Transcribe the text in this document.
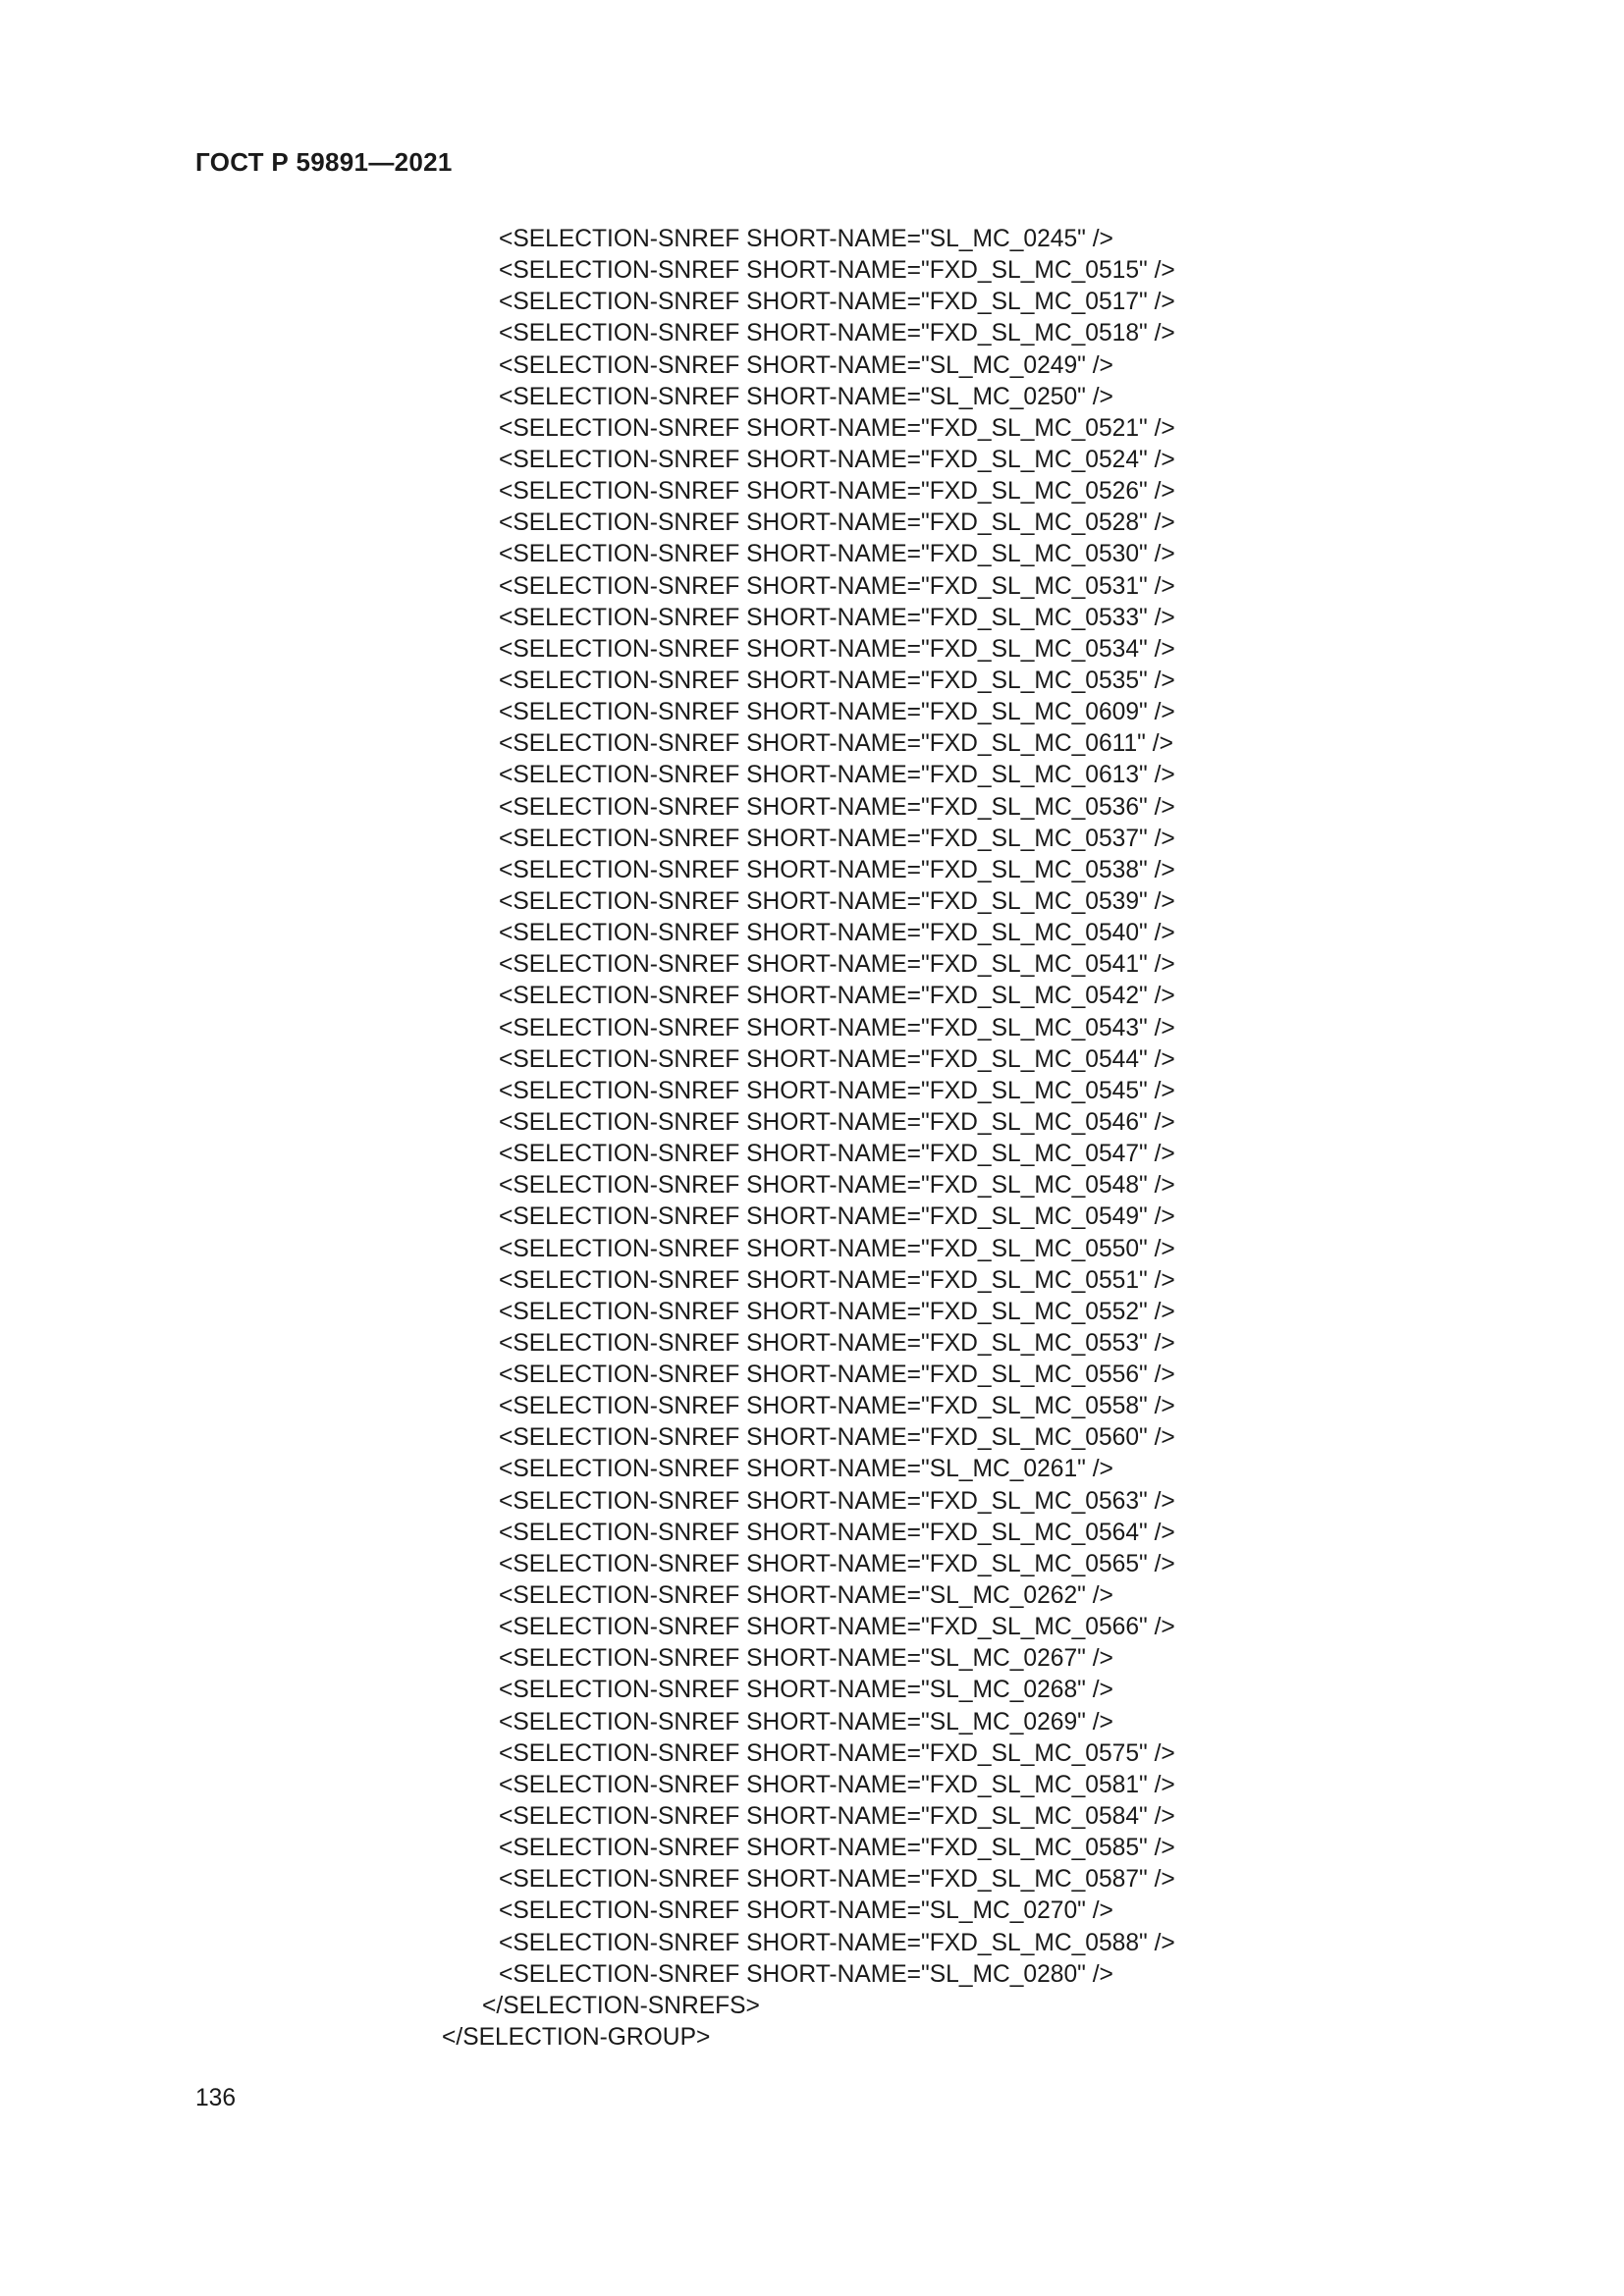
ГОСТ Р 59891—2021
<SELECTION-SNREF SHORT-NAME="SL_MC_0245" />
<SELECTION-SNREF SHORT-NAME="FXD_SL_MC_0515" />
<SELECTION-SNREF SHORT-NAME="FXD_SL_MC_0517" />
<SELECTION-SNREF SHORT-NAME="FXD_SL_MC_0518" />
<SELECTION-SNREF SHORT-NAME="SL_MC_0249" />
<SELECTION-SNREF SHORT-NAME="SL_MC_0250" />
<SELECTION-SNREF SHORT-NAME="FXD_SL_MC_0521" />
<SELECTION-SNREF SHORT-NAME="FXD_SL_MC_0524" />
<SELECTION-SNREF SHORT-NAME="FXD_SL_MC_0526" />
<SELECTION-SNREF SHORT-NAME="FXD_SL_MC_0528" />
<SELECTION-SNREF SHORT-NAME="FXD_SL_MC_0530" />
<SELECTION-SNREF SHORT-NAME="FXD_SL_MC_0531" />
<SELECTION-SNREF SHORT-NAME="FXD_SL_MC_0533" />
<SELECTION-SNREF SHORT-NAME="FXD_SL_MC_0534" />
<SELECTION-SNREF SHORT-NAME="FXD_SL_MC_0535" />
<SELECTION-SNREF SHORT-NAME="FXD_SL_MC_0609" />
<SELECTION-SNREF SHORT-NAME="FXD_SL_MC_0611" />
<SELECTION-SNREF SHORT-NAME="FXD_SL_MC_0613" />
<SELECTION-SNREF SHORT-NAME="FXD_SL_MC_0536" />
<SELECTION-SNREF SHORT-NAME="FXD_SL_MC_0537" />
<SELECTION-SNREF SHORT-NAME="FXD_SL_MC_0538" />
<SELECTION-SNREF SHORT-NAME="FXD_SL_MC_0539" />
<SELECTION-SNREF SHORT-NAME="FXD_SL_MC_0540" />
<SELECTION-SNREF SHORT-NAME="FXD_SL_MC_0541" />
<SELECTION-SNREF SHORT-NAME="FXD_SL_MC_0542" />
<SELECTION-SNREF SHORT-NAME="FXD_SL_MC_0543" />
<SELECTION-SNREF SHORT-NAME="FXD_SL_MC_0544" />
<SELECTION-SNREF SHORT-NAME="FXD_SL_MC_0545" />
<SELECTION-SNREF SHORT-NAME="FXD_SL_MC_0546" />
<SELECTION-SNREF SHORT-NAME="FXD_SL_MC_0547" />
<SELECTION-SNREF SHORT-NAME="FXD_SL_MC_0548" />
<SELECTION-SNREF SHORT-NAME="FXD_SL_MC_0549" />
<SELECTION-SNREF SHORT-NAME="FXD_SL_MC_0550" />
<SELECTION-SNREF SHORT-NAME="FXD_SL_MC_0551" />
<SELECTION-SNREF SHORT-NAME="FXD_SL_MC_0552" />
<SELECTION-SNREF SHORT-NAME="FXD_SL_MC_0553" />
<SELECTION-SNREF SHORT-NAME="FXD_SL_MC_0556" />
<SELECTION-SNREF SHORT-NAME="FXD_SL_MC_0558" />
<SELECTION-SNREF SHORT-NAME="FXD_SL_MC_0560" />
<SELECTION-SNREF SHORT-NAME="SL_MC_0261" />
<SELECTION-SNREF SHORT-NAME="FXD_SL_MC_0563" />
<SELECTION-SNREF SHORT-NAME="FXD_SL_MC_0564" />
<SELECTION-SNREF SHORT-NAME="FXD_SL_MC_0565" />
<SELECTION-SNREF SHORT-NAME="SL_MC_0262" />
<SELECTION-SNREF SHORT-NAME="FXD_SL_MC_0566" />
<SELECTION-SNREF SHORT-NAME="SL_MC_0267" />
<SELECTION-SNREF SHORT-NAME="SL_MC_0268" />
<SELECTION-SNREF SHORT-NAME="SL_MC_0269" />
<SELECTION-SNREF SHORT-NAME="FXD_SL_MC_0575" />
<SELECTION-SNREF SHORT-NAME="FXD_SL_MC_0581" />
<SELECTION-SNREF SHORT-NAME="FXD_SL_MC_0584" />
<SELECTION-SNREF SHORT-NAME="FXD_SL_MC_0585" />
<SELECTION-SNREF SHORT-NAME="FXD_SL_MC_0587" />
<SELECTION-SNREF SHORT-NAME="SL_MC_0270" />
<SELECTION-SNREF SHORT-NAME="FXD_SL_MC_0588" />
<SELECTION-SNREF SHORT-NAME="SL_MC_0280" />
</SELECTION-SNREFS>
</SELECTION-GROUP>
136
